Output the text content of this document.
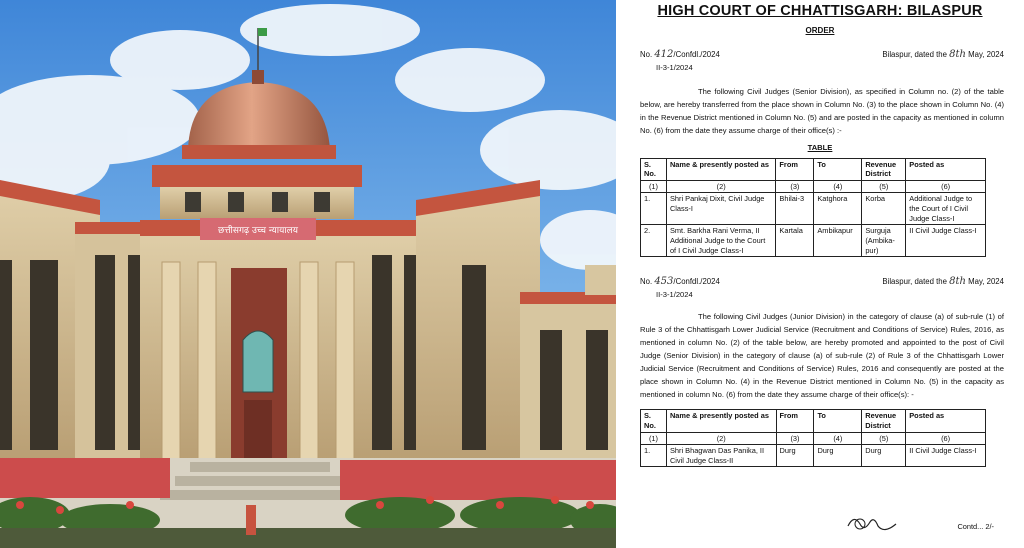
छत्तीसगढ़ उच्च न्यायालय
HIGH COURT OF CHHATTISGARH: BILASPUR
ORDER
No. 412/Confdl./2024	Bilaspur, dated the 8th May, 2024
II-3-1/2024
The following Civil Judges (Senior Division), as specified in Column no. (2) of the table below, are hereby transferred from the place shown in Column No. (3) to the place shown in Column No. (4) in the Revenue District mentioned in Column No. (5) and are posted in the capacity as mentioned in column No. (6) from the date they assume charge of their office(s) :-
TABLE
S. No.	Name & presently posted as	From	To	Revenue District	Posted as
(1)	(2)	(3)	(4)	(5)	(6)
1.	Shri Pankaj Dixit, Civil Judge Class-I	Bhilai-3	Katghora	Korba	Additional Judge to the Court of I Civil Judge Class-I
2.	Smt. Barkha Rani Verma, II Additional Judge to the Court of I Civil Judge Class-I	Kartala	Ambikapur	Surguja (Ambika-pur)	II Civil Judge Class-I
No. 453/Confdl./2024	Bilaspur, dated the 8th May, 2024
II-3-1/2024
The following Civil Judges (Junior Division) in the category of clause (a) of sub-rule (1) of Rule 3 of the Chhattisgarh Lower Judicial Service (Recruitment and Conditions of Service) Rules, 2016, as mentioned in column No. (2) of the table below, are hereby promoted and appointed to the post of Civil Judge (Senior Division) in the category of clause (a) of sub-rule (2) of Rule 3 of the Chhattisgarh Lower Judicial Service (Recruitment and Conditions of Service) Rules, 2016 and consequently are posted at the place shown in Column No. (4) in the Revenue District mentioned in Column No. (5) in the capacity as mentioned in column No. (6) from the date they assume charge of their office(s): -
S. No.	Name & presently posted as	From	To	Revenue District	Posted as
(1)	(2)	(3)	(4)	(5)	(6)
1.	Shri Bhagwan Das Panika, II Civil Judge Class-II	Durg	Durg	Durg	II Civil Judge Class-I
Contd... 2/-
